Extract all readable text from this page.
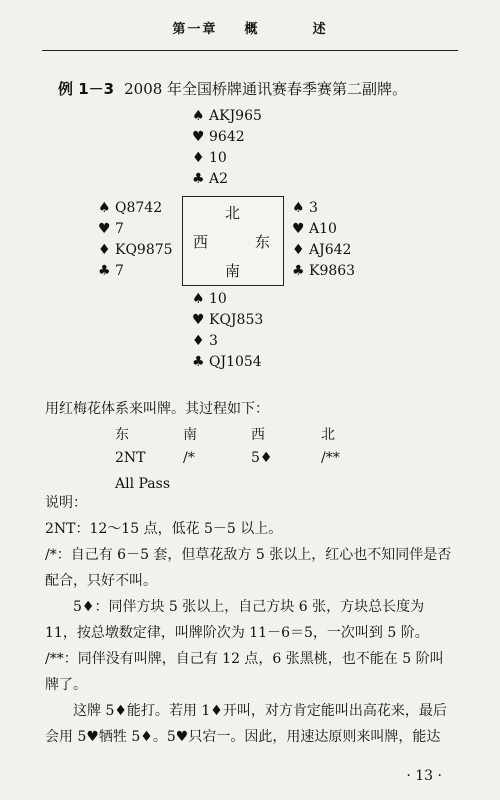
第一章 概	述
例 1－3 2008 年全国桥牌通讯赛春季赛第二副牌。
♠ AKJ965
♥ 9642
♦ 10
♣ A2
♠ Q8742
♥ 7
♦ KQ9875
♣ 7
北
西	东
南
♠ 3
♥ A10
♦ AJ642
♣ K9863
♠ 10
♥ KQJ853
♦ 3
♣ QJ1054
用红梅花体系来叫牌。其过程如下：
东	南	西	北
2NT	/*	5♦	/**
All Pass
说明：
2NT：12～15 点，低花 5－5 以上。
/*：自己有 6－5 套，但草花敌方 5 张以上，红心也不知同伴是否配合，只好不叫。
5♦：同伴方块 5 张以上，自己方块 6 张，方块总长度为 11，按总墩数定律，叫牌阶次为 11－6＝5，一次叫到 5 阶。
/**：同伴没有叫牌，自己有 12 点，6 张黑桃，也不能在 5 阶叫牌了。
这牌 5♦能打。若用 1♦开叫，对方肯定能叫出高花来，最后会用 5♥牺牲 5♦。5♥只宕一。因此，用速达原则来叫牌，能达
· 13 ·
